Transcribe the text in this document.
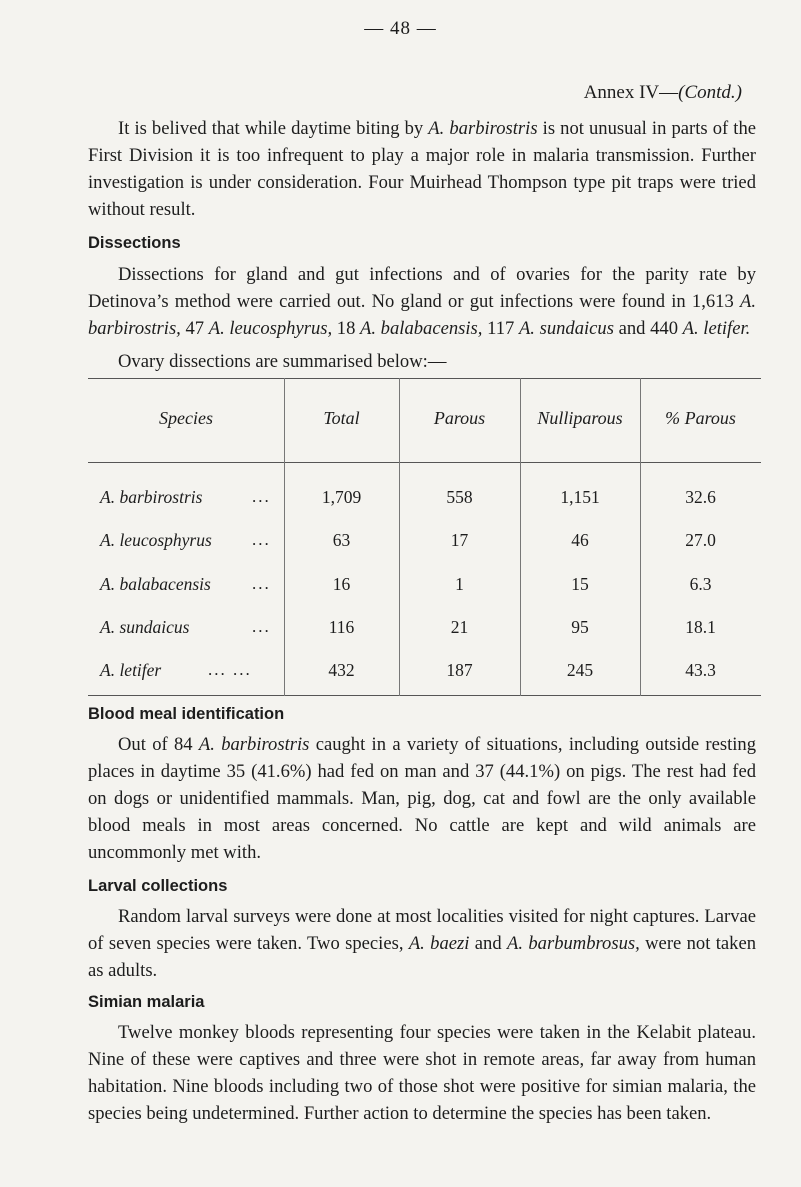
— 48 —
Annex IV—(Contd.)
It is belived that while daytime biting by A. barbirostris is not unusual in parts of the First Division it is too infrequent to play a major role in malaria transmission. Further investigation is under consideration. Four Muirhead Thompson type pit traps were tried without result.
Dissections
Dissections for gland and gut infections and of ovaries for the parity rate by Detinova’s method were carried out. No gland or gut infections were found in 1,613 A. barbirostris, 47 A. leucosphyrus, 18 A. balabacensis, 117 A. sundaicus and 440 A. letifer.
Ovary dissections are summarised below:—
Species	Total	Parous	Nulliparous	% Parous
A. barbirostris	...	1,709	558	1,151	32.6
A. leucosphyrus ...	63	17	46	27.0
A. balabacensis ...	16	1	15	6.3
A. sundaicus	...	116	21	95	18.1
A. letifer	... ...	432	187	245	43.3
Blood meal identification
Out of 84 A. barbirostris caught in a variety of situations, including outside resting places in daytime 35 (41.6%) had fed on man and 37 (44.1%) on pigs. The rest had fed on dogs or unidentified mammals. Man, pig, dog, cat and fowl are the only available blood meals in most areas concerned. No cattle are kept and wild animals are uncommonly met with.
Larval collections
Random larval surveys were done at most localities visited for night captures. Larvae of seven species were taken. Two species, A. baezi and A. barbumbrosus, were not taken as adults.
Simian malaria
Twelve monkey bloods representing four species were taken in the Kelabit plateau. Nine of these were captives and three were shot in remote areas, far away from human habitation. Nine bloods including two of those shot were positive for simian malaria, the species being undetermined. Further action to determine the species has been taken.
